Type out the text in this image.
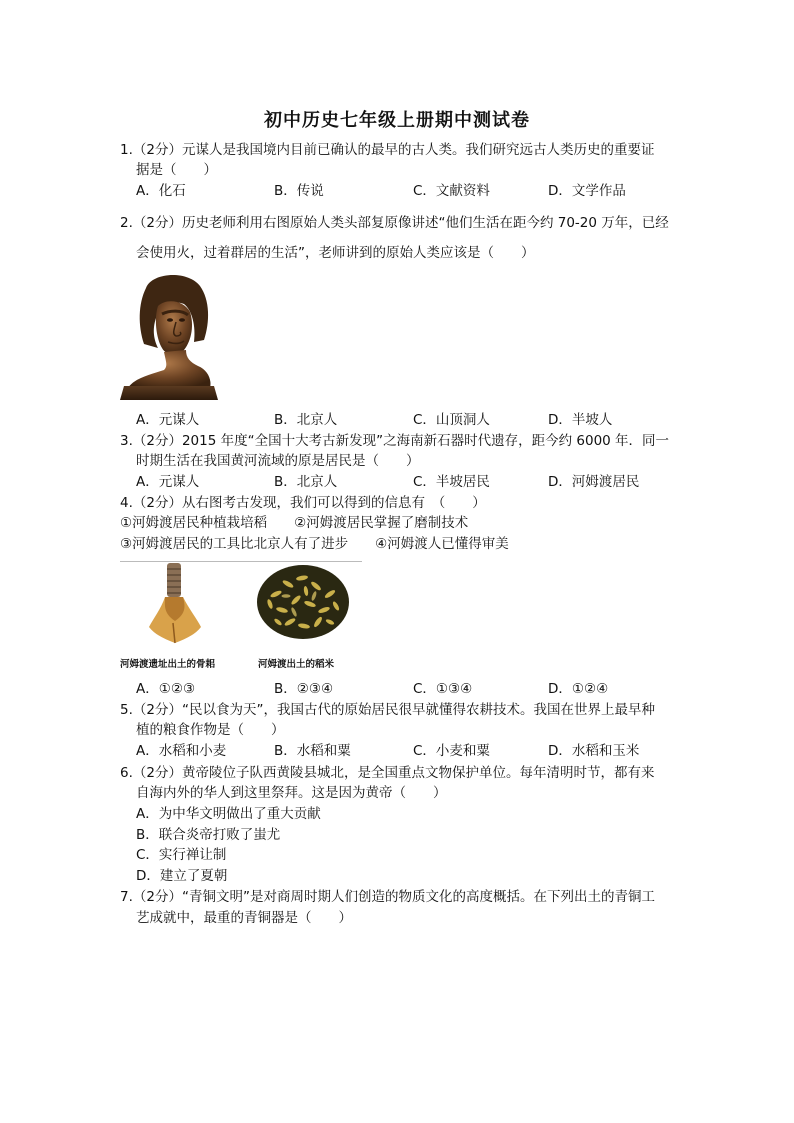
初中历史七年级上册期中测试卷
1.（2分）元谋人是我国境内目前已确认的最早的古人类。我们研究远古人类历史的重要证
据是（　　）
A．化石	B．传说	C．文献资料	D．文学作品
2.（2分）历史老师利用右图原始人类头部复原像讲述“他们生活在距今约 70-20 万年，已经
会使用火，过着群居的生活”，老师讲到的原始人类应该是（　　）
A．元谋人	B．北京人	C．山顶洞人	D．半坡人
3.（2分）2015 年度“全国十大考古新发现”之海南新石器时代遗存，距今约 6000 年．同一
时期生活在我国黄河流域的原是居民是（　　）
A．元谋人	B．北京人	C．半坡居民	D．河姆渡居民
4.（2分）从右图考古发现，我们可以得到的信息有　（　　）
①河姆渡居民种植栽培稻　　②河姆渡居民掌握了磨制技术
③河姆渡居民的工具比北京人有了进步　　④河姆渡人已懂得审美
河姆渡遗址出土的骨耜	河姆渡出土的稻米
A．①②③	B．②③④	C．①③④	D．①②④
5.（2分）“民以食为天”，我国古代的原始居民很早就懂得农耕技术。我国在世界上最早种
植的粮食作物是（　　）
A．水稻和小麦	B．水稻和粟	C．小麦和粟	D．水稻和玉米
6.（2分）黄帝陵位子队西黄陵县城北，是全国重点文物保护单位。每年清明时节，都有来
自海内外的华人到这里祭拜。这是因为黄帝（　　）
A．为中华文明做出了重大贡献
B．联合炎帝打败了蚩尤
C．实行禅让制
D．建立了夏朝
7.（2分）“青铜文明”是对商周时期人们创造的物质文化的高度概括。在下列出土的青铜工
艺成就中，最重的青铜器是（　　）
